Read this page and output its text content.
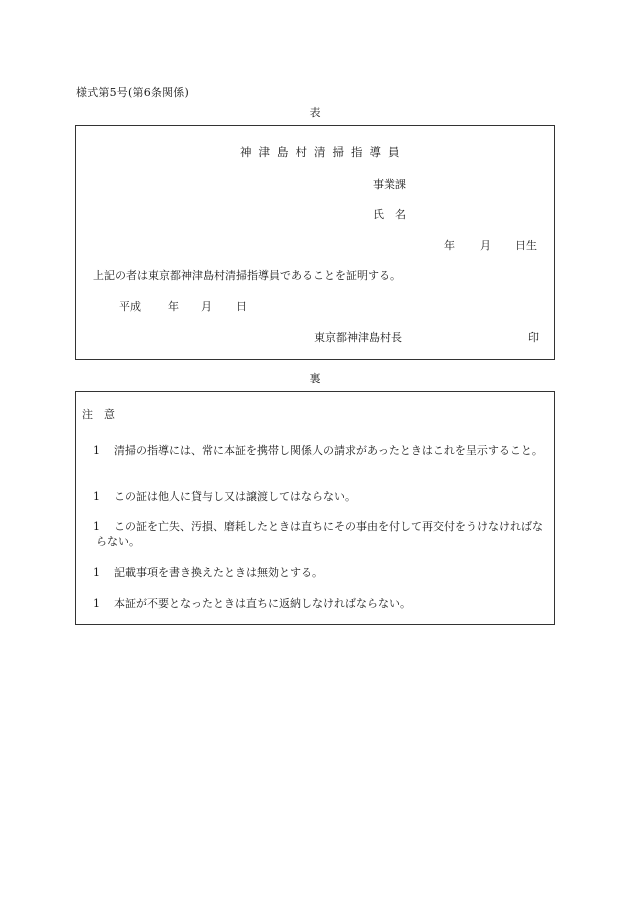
様式第5号(第6条関係)
表
神津島村清掃指導員
事業課
氏　名
年 月 日生
上記の者は東京都神津島村清掃指導員であることを証明する。
平成 年 月 日
東京都神津島村長	印
裏
注　意
1	清掃の指導には、常に本証を携帯し関係人の請求があったときはこれを呈示すること。
1 この証は他人に貸与し又は譲渡してはならない。
1	この証を亡失、汚損、磨耗したときは直ちにその事由を付して再交付をうけなければならない。
1 記載事項を書き換えたときは無効とする。
1 本証が不要となったときは直ちに返納しなければならない。
